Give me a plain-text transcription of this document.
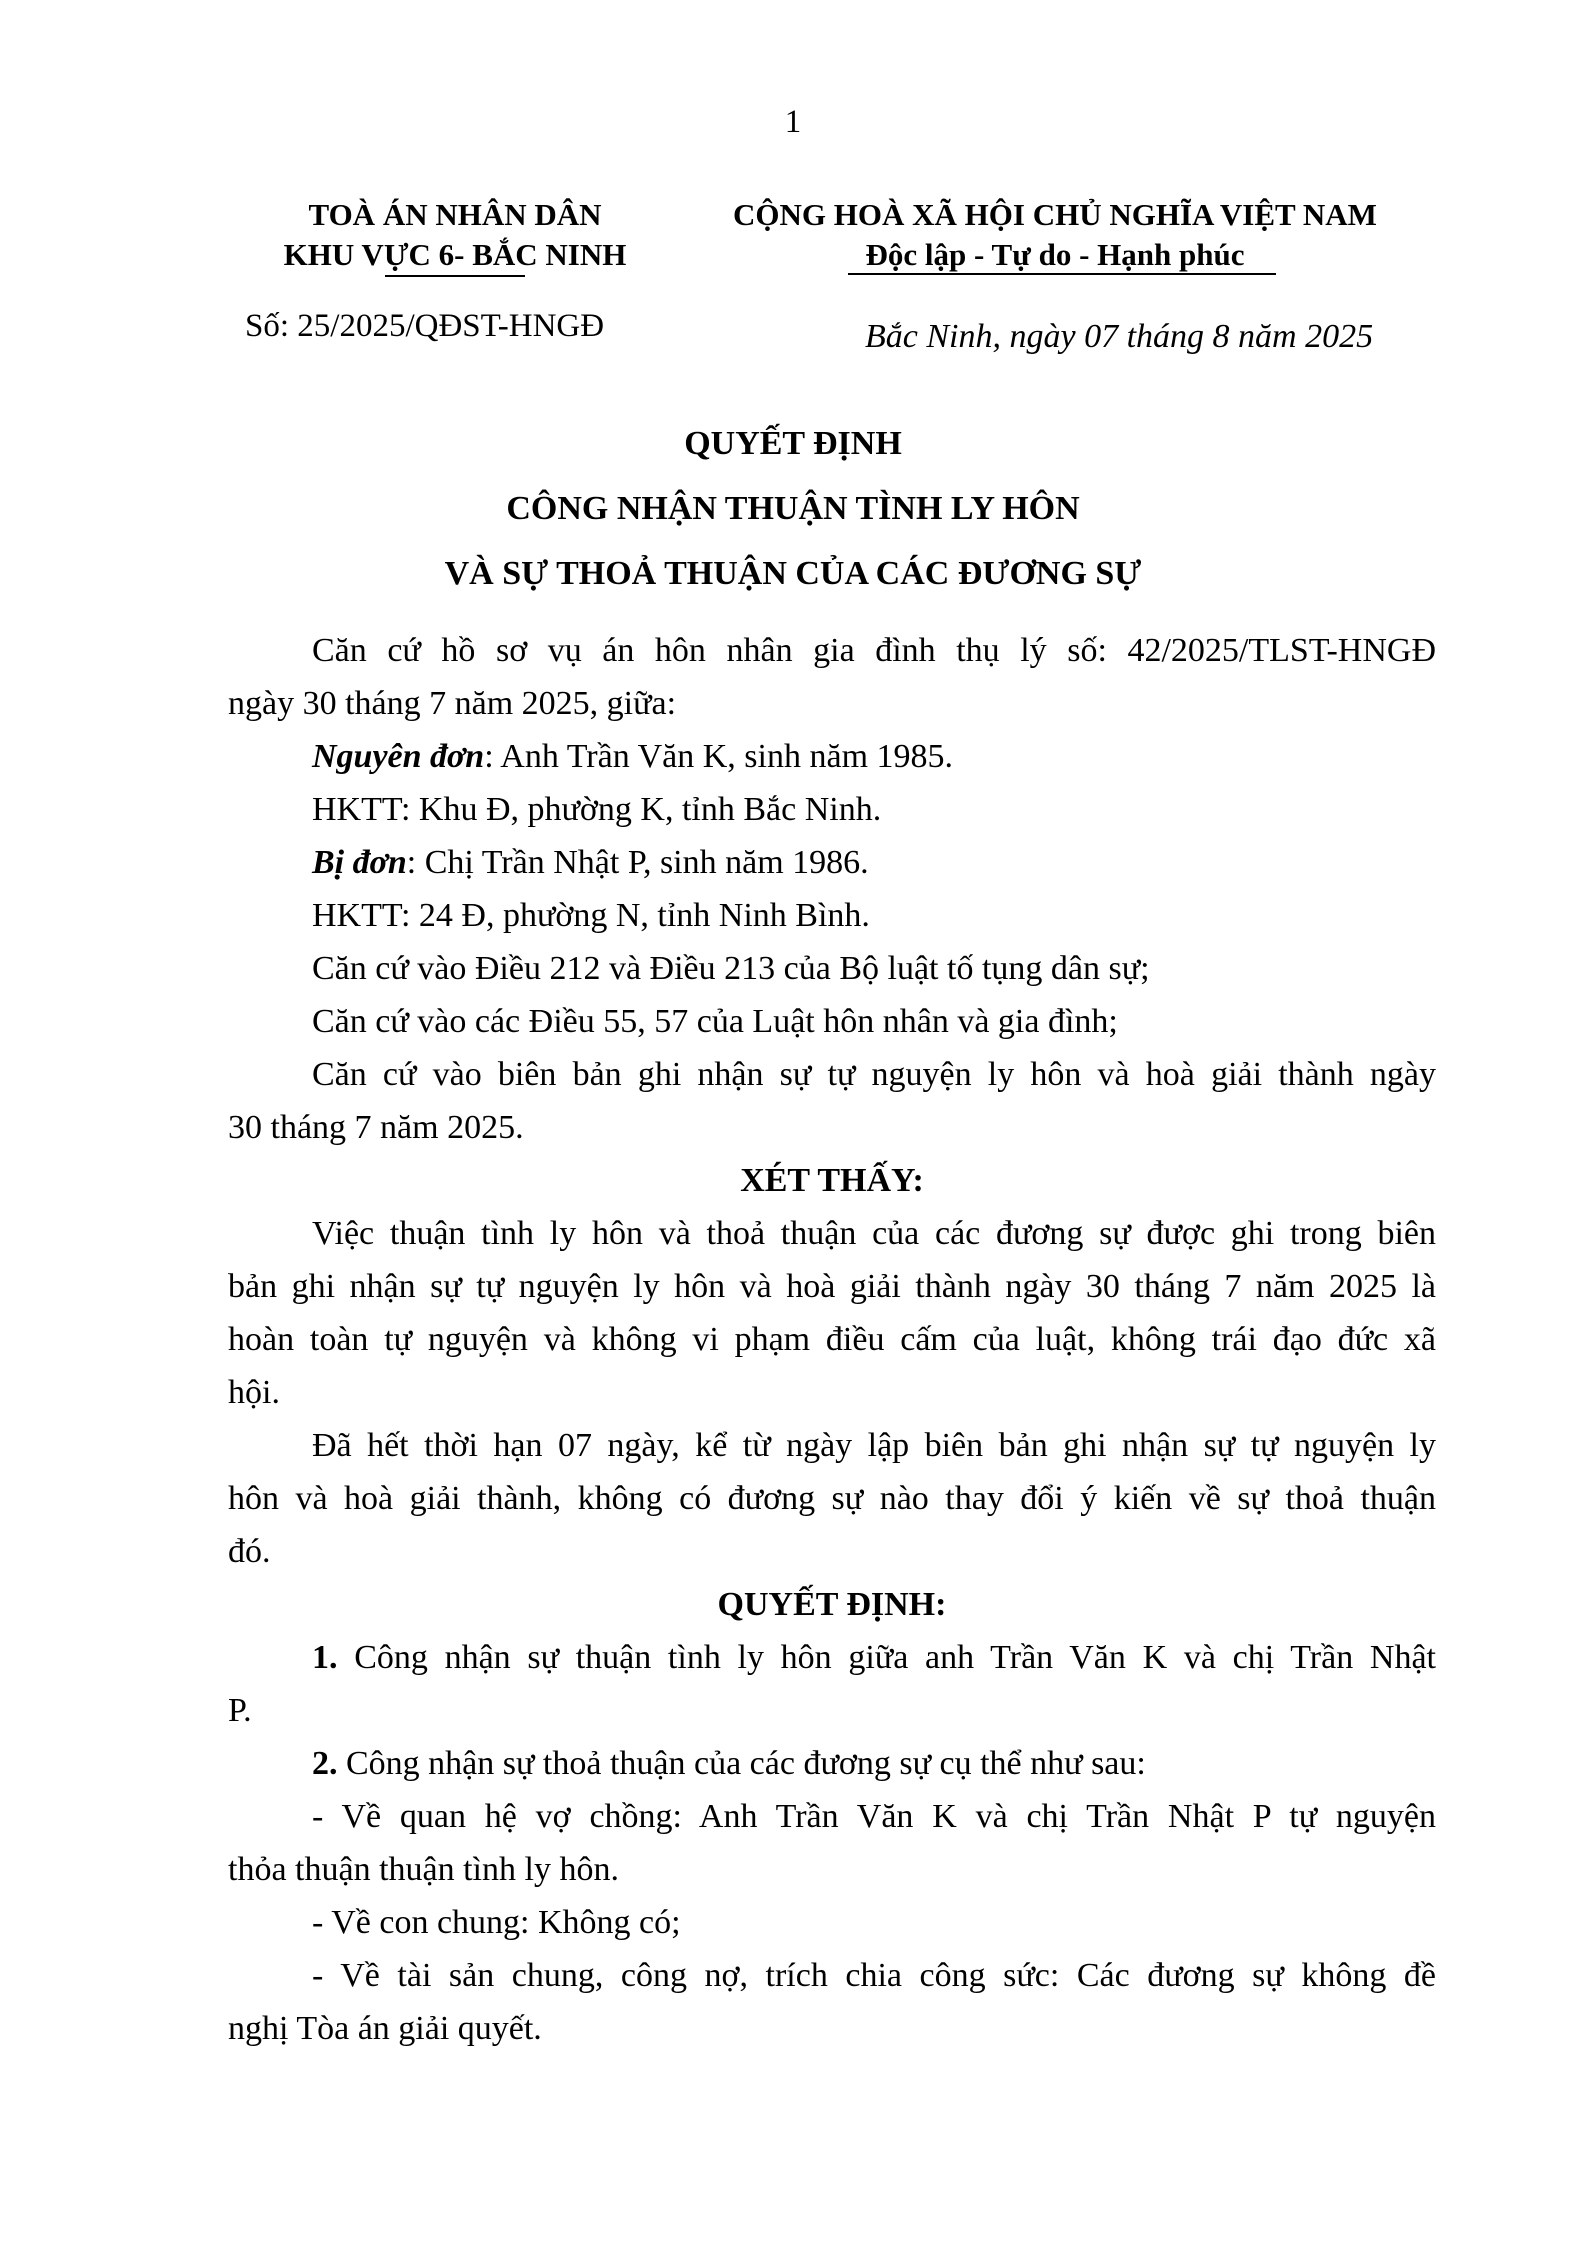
1
TOÀ ÁN NHÂN DÂN
KHU VỰC 6- BẮC NINH
CỘNG HOÀ XÃ HỘI CHỦ NGHĨA VIỆT NAM
Độc lập - Tự do - Hạnh phúc
Số: 25/2025/QĐST-HNGĐ	Bắc Ninh, ngày 07 tháng 8 năm 2025
QUYẾT ĐỊNH
CÔNG NHẬN THUẬN TÌNH LY HÔN
VÀ SỰ THOẢ THUẬN CỦA CÁC ĐƯƠNG SỰ
Căn cứ hồ sơ vụ án hôn nhân gia đình thụ lý số: 42/2025/TLST-HNGĐ
ngày 30 tháng 7 năm 2025, giữa:
Nguyên đơn: Anh Trần Văn K, sinh năm 1985.
HKTT: Khu Đ, phường K, tỉnh Bắc Ninh.
Bị đơn: Chị Trần Nhật P, sinh năm 1986.
HKTT: 24 Đ, phường N, tỉnh Ninh Bình.
Căn cứ vào Điều 212 và Điều 213 của Bộ luật tố tụng dân sự;
Căn cứ vào các Điều 55, 57 của Luật hôn nhân và gia đình;
Căn cứ vào biên bản ghi nhận sự tự nguyện ly hôn và hoà giải thành ngày
30 tháng 7 năm 2025.
XÉT THẤY:
Việc thuận tình ly hôn và thoả thuận của các đương sự được ghi trong biên
bản ghi nhận sự tự nguyện ly hôn và hoà giải thành ngày 30 tháng 7 năm 2025 là
hoàn toàn tự nguyện và không vi phạm điều cấm của luật, không trái đạo đức xã
hội.
Đã hết thời hạn 07 ngày, kể từ ngày lập biên bản ghi nhận sự tự nguyện ly
hôn và hoà giải thành, không có đương sự nào thay đổi ý kiến về sự thoả thuận
đó.
QUYẾT ĐỊNH:
1. Công nhận sự thuận tình ly hôn giữa anh Trần Văn K và chị Trần Nhật
P.
2. Công nhận sự thoả thuận của các đương sự cụ thể như sau:
- Về quan hệ vợ chồng: Anh Trần Văn K và chị Trần Nhật P tự nguyện
thỏa thuận thuận tình ly hôn.
- Về con chung: Không có;
- Về tài sản chung, công nợ, trích chia công sức: Các đương sự không đề
nghị Tòa án giải quyết.
